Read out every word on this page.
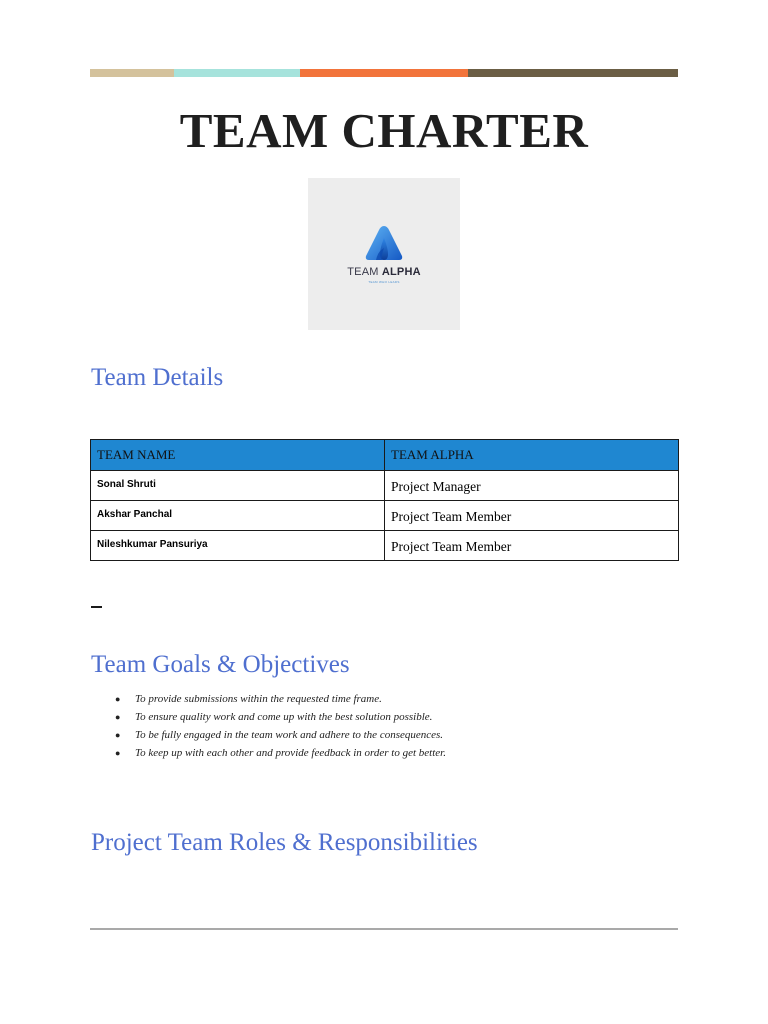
TEAM CHARTER
TEAM ALPHA
TEAM WHO LEADS
Team Details
TEAM NAME	TEAM ALPHA
Sonal Shruti	Project Manager
Akshar Panchal	Project Team Member
Nileshkumar Pansuriya	Project Team Member
Team Goals & Objectives
● To provide submissions within the requested time frame.
● To ensure quality work and come up with the best solution possible.
● To be fully engaged in the team work and adhere to the consequences.
● To keep up with each other and provide feedback in order to get better.
Project Team Roles & Responsibilities
